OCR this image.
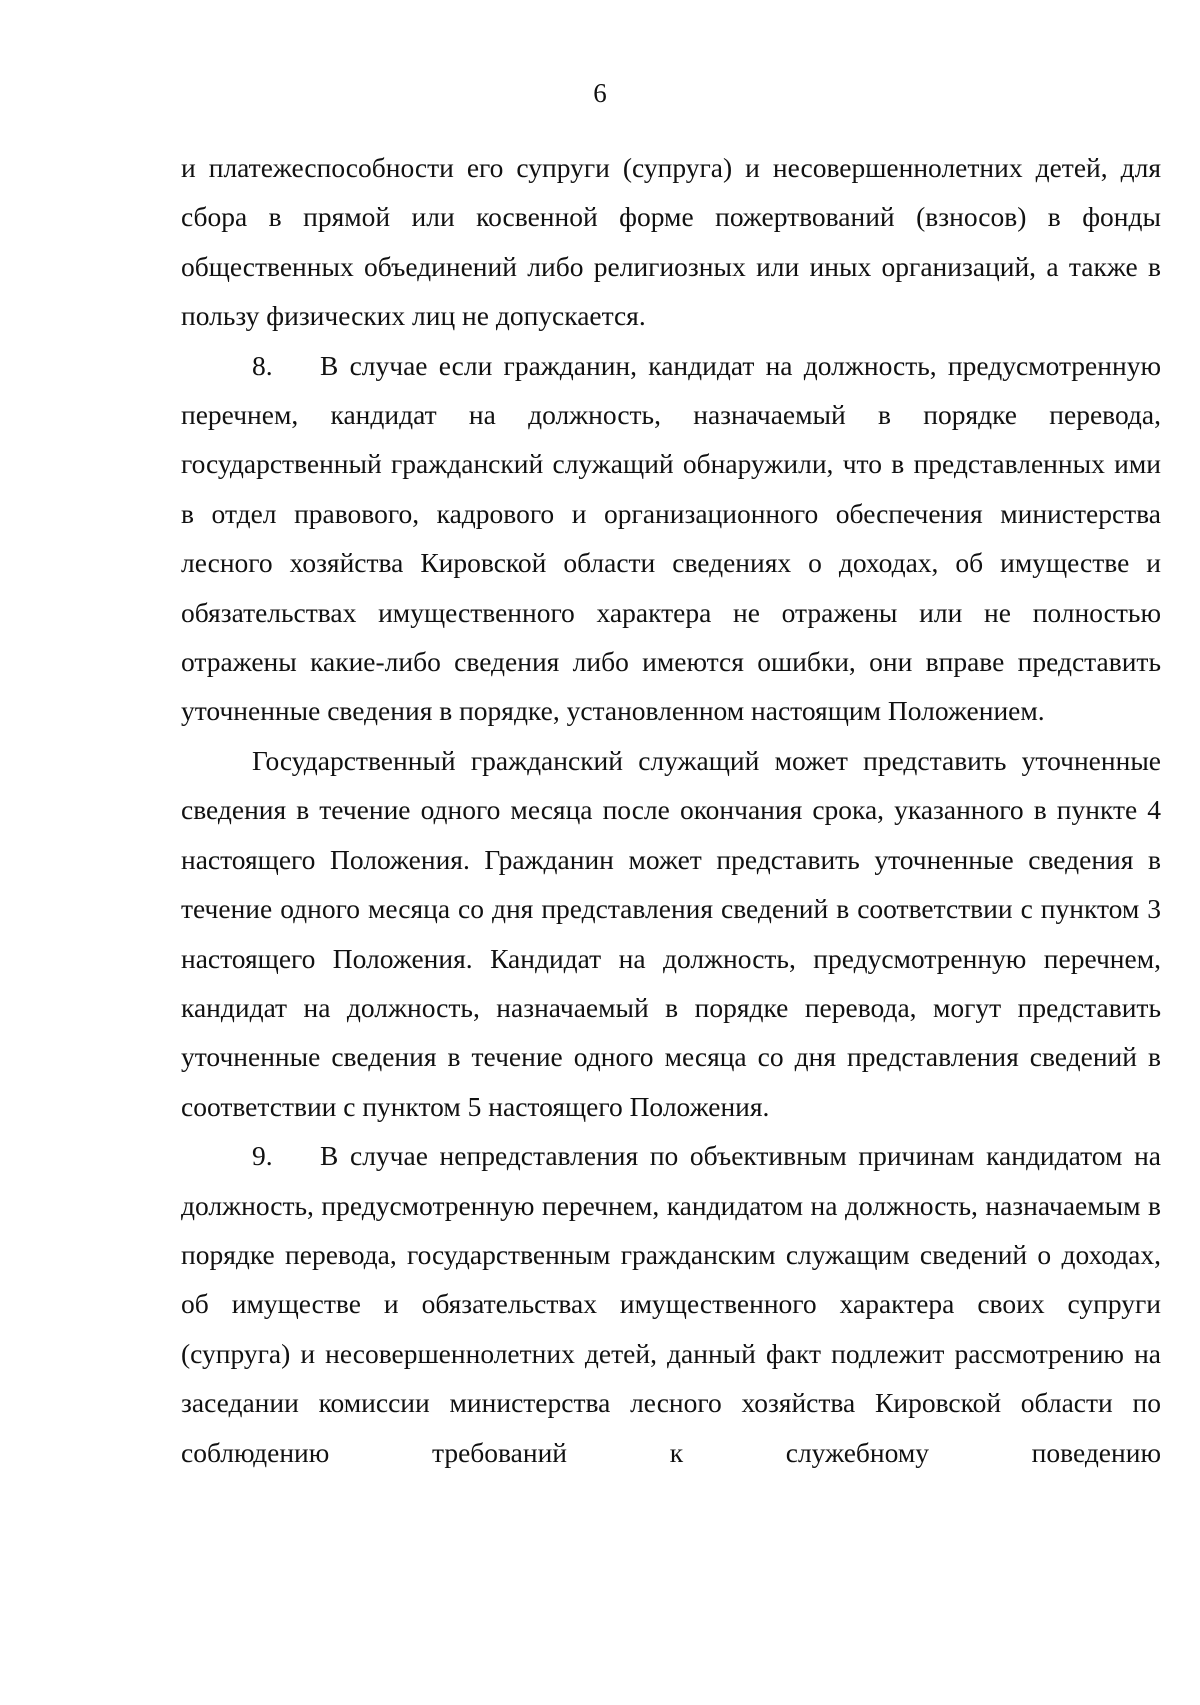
6

и платежеспособности его супруги (супруга) и несовершеннолетних детей, для сбора в прямой или косвенной форме пожертвований (взносов) в фонды общественных объединений либо религиозных или иных организаций, а также в пользу физических лиц не допускается.

8. В случае если гражданин, кандидат на должность, предусмотренную перечнем, кандидат на должность, назначаемый в порядке перевода, государственный гражданский служащий обнаружили, что в представленных ими в отдел правового, кадрового и организационного обеспечения министерства лесного хозяйства Кировской области сведениях о доходах, об имуществе и обязательствах имущественного характера не отражены или не полностью отражены какие-либо сведения либо имеются ошибки, они вправе представить уточненные сведения в порядке, установленном настоящим Положением.

Государственный гражданский служащий может представить уточненные сведения в течение одного месяца после окончания срока, указанного в пункте 4 настоящего Положения. Гражданин может представить уточненные сведения в течение одного месяца со дня представления сведений в соответствии с пунктом 3 настоящего Положения. Кандидат на должность, предусмотренную перечнем, кандидат на должность, назначаемый в порядке перевода, могут представить уточненные сведения в течение одного месяца со дня представления сведений в соответствии с пунктом 5 настоящего Положения.

9. В случае непредставления по объективным причинам кандидатом на должность, предусмотренную перечнем, кандидатом на должность, назначаемым в порядке перевода, государственным гражданским служащим сведений о доходах, об имуществе и обязательствах имущественного характера своих супруги (супруга) и несовершеннолетних детей, данный факт подлежит рассмотрению на заседании комиссии министерства лесного хозяйства Кировской области по соблюдению требований к служебному поведению
